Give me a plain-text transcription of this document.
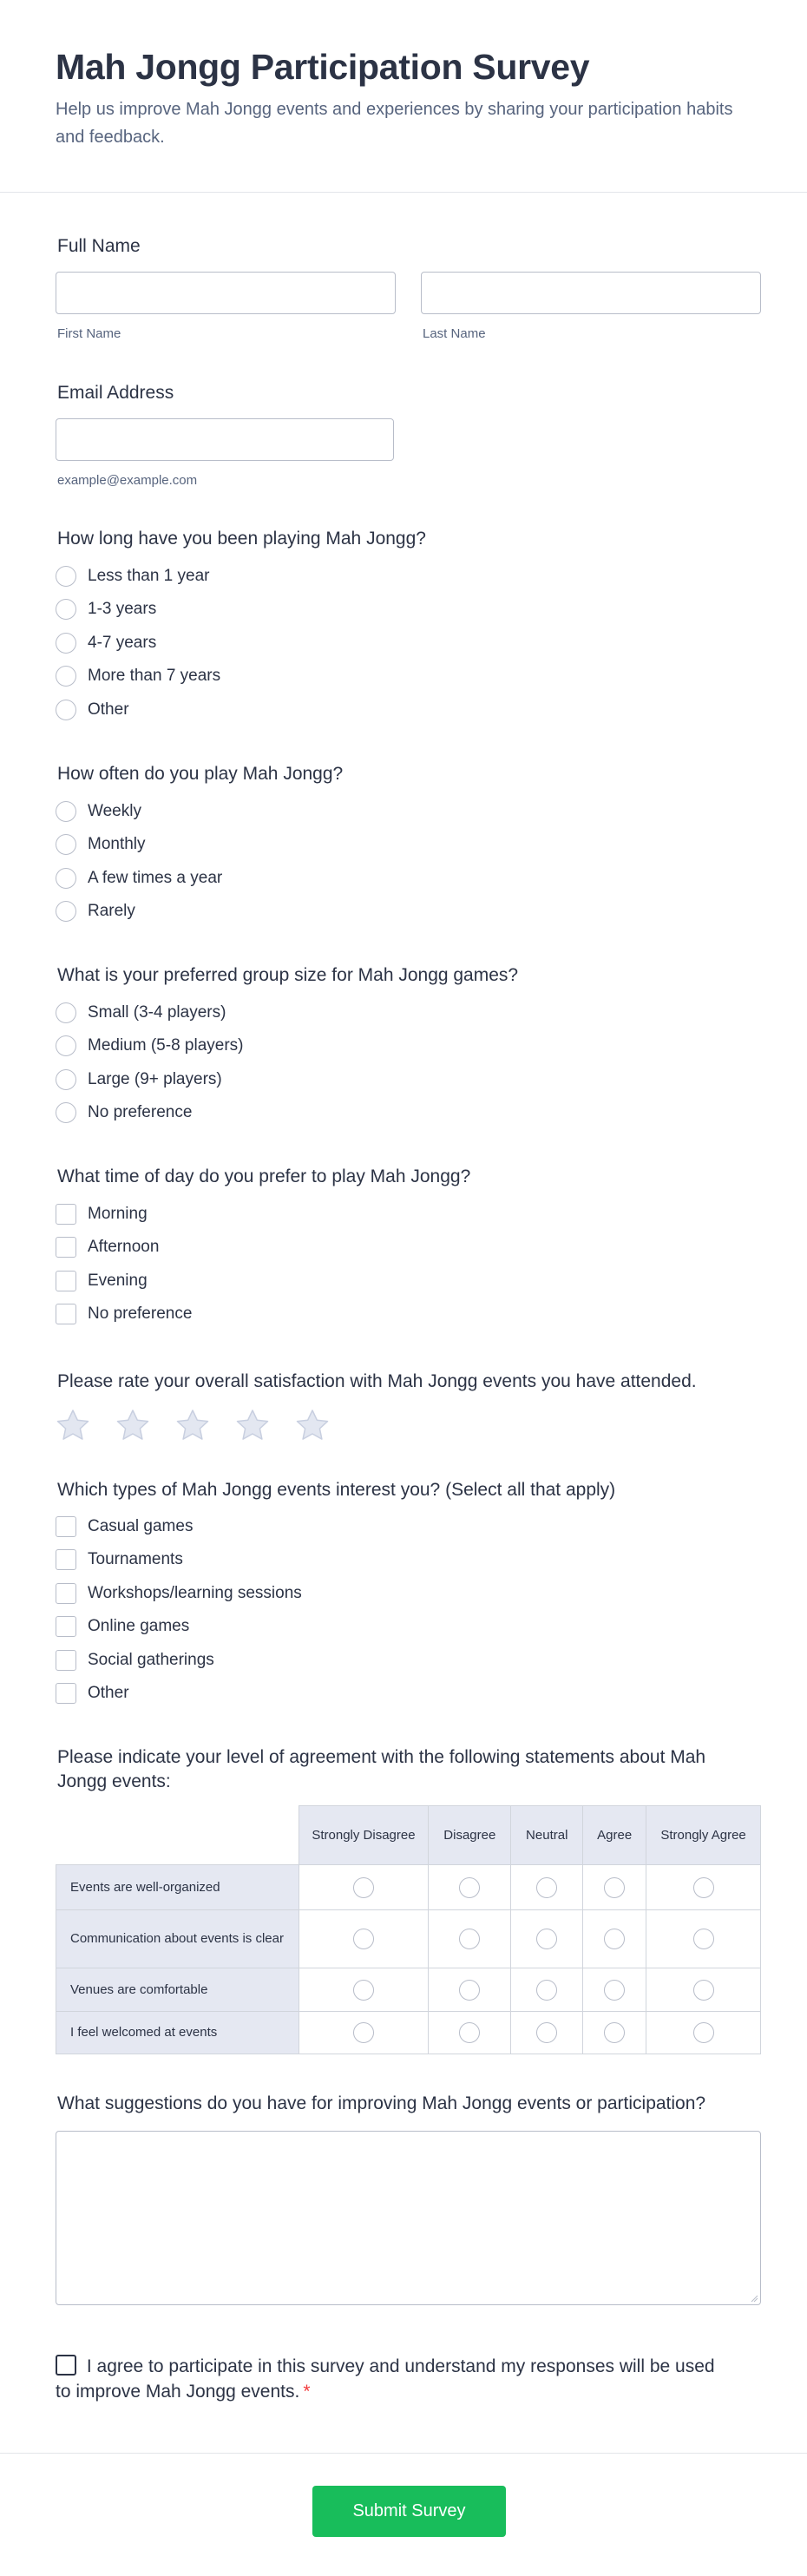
Mah Jongg Participation Survey

Help us improve Mah Jongg events and experiences by sharing your participation habits and feedback.

Full Name
First Name	Last Name
Email Address
example@example.com
How long have you been playing Mah Jongg?
Less than 1 year
1-3 years
4-7 years
More than 7 years
Other
How often do you play Mah Jongg?
Weekly
Monthly
A few times a year
Rarely
What is your preferred group size for Mah Jongg games?
Small (3-4 players)
Medium (5-8 players)
Large (9+ players)
No preference
What time of day do you prefer to play Mah Jongg?
Morning
Afternoon
Evening
No preference
Please rate your overall satisfaction with Mah Jongg events you have attended.
Which types of Mah Jongg events interest you? (Select all that apply)
Casual games
Tournaments
Workshops/learning sessions
Online games
Social gatherings
Other
Please indicate your level of agreement with the following statements about Mah Jongg events:
	Strongly Disagree	Disagree	Neutral	Agree	Strongly Agree
Events are well-organized					
Communication about events is clear					
Venues are comfortable					
I feel welcomed at events					
What suggestions do you have for improving Mah Jongg events or participation?
I agree to participate in this survey and understand my responses will be used to improve Mah Jongg events. *
Submit Survey
